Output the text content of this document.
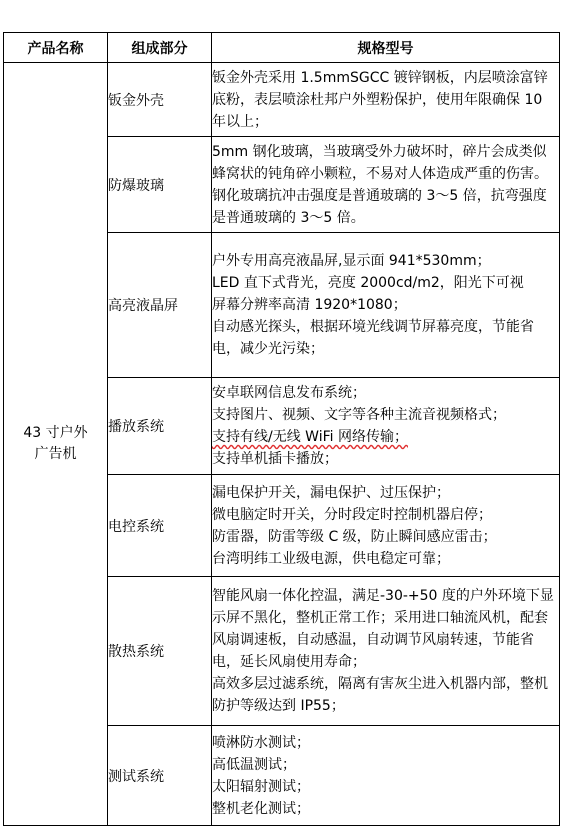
产品名称	组成部分	规格型号

43 寸户外
广告机	钣金外壳	钣金外壳采用 1.5mmSGCC 镀锌钢板，内层喷涂富锌底粉，表层喷涂杜邦户外塑粉保护，使用年限确保 10 年以上；

	防爆玻璃	5mm 钢化玻璃，当玻璃受外力破坏时，碎片会成类似蜂窝状的钝角碎小颗粒，不易对人体造成严重的伤害。钢化玻璃抗冲击强度是普通玻璃的 3～5 倍，抗弯强度是普通玻璃的 3～5 倍。

	高亮液晶屏	户外专用高亮液晶屏,显示面 941*530mm；
LED 直下式背光，亮度 2000cd/m2，阳光下可视
屏幕分辨率高清 1920*1080；
自动感光探头，根据环境光线调节屏幕亮度，节能省电，减少光污染；

	播放系统	安卓联网信息发布系统；
支持图片、视频、文字等各种主流音视频格式；
支持有线/无线 WiFi 网络传输；
支持单机插卡播放；

	电控系统	漏电保护开关，漏电保护、过压保护；
微电脑定时开关，分时段定时控制机器启停；
防雷器，防雷等级 C 级，防止瞬间感应雷击；
台湾明纬工业级电源，供电稳定可靠；

	散热系统	智能风扇一体化控温，满足-30-+50 度的户外环境下显示屏不黑化，整机正常工作；采用进口轴流风机，配套风扇调速板，自动感温，自动调节风扇转速，节能省电，延长风扇使用寿命；
高效多层过滤系统，隔离有害灰尘进入机器内部，整机防护等级达到 IP55；

	测试系统	喷淋防水测试；
高低温测试；
太阳辐射测试；
整机老化测试；
